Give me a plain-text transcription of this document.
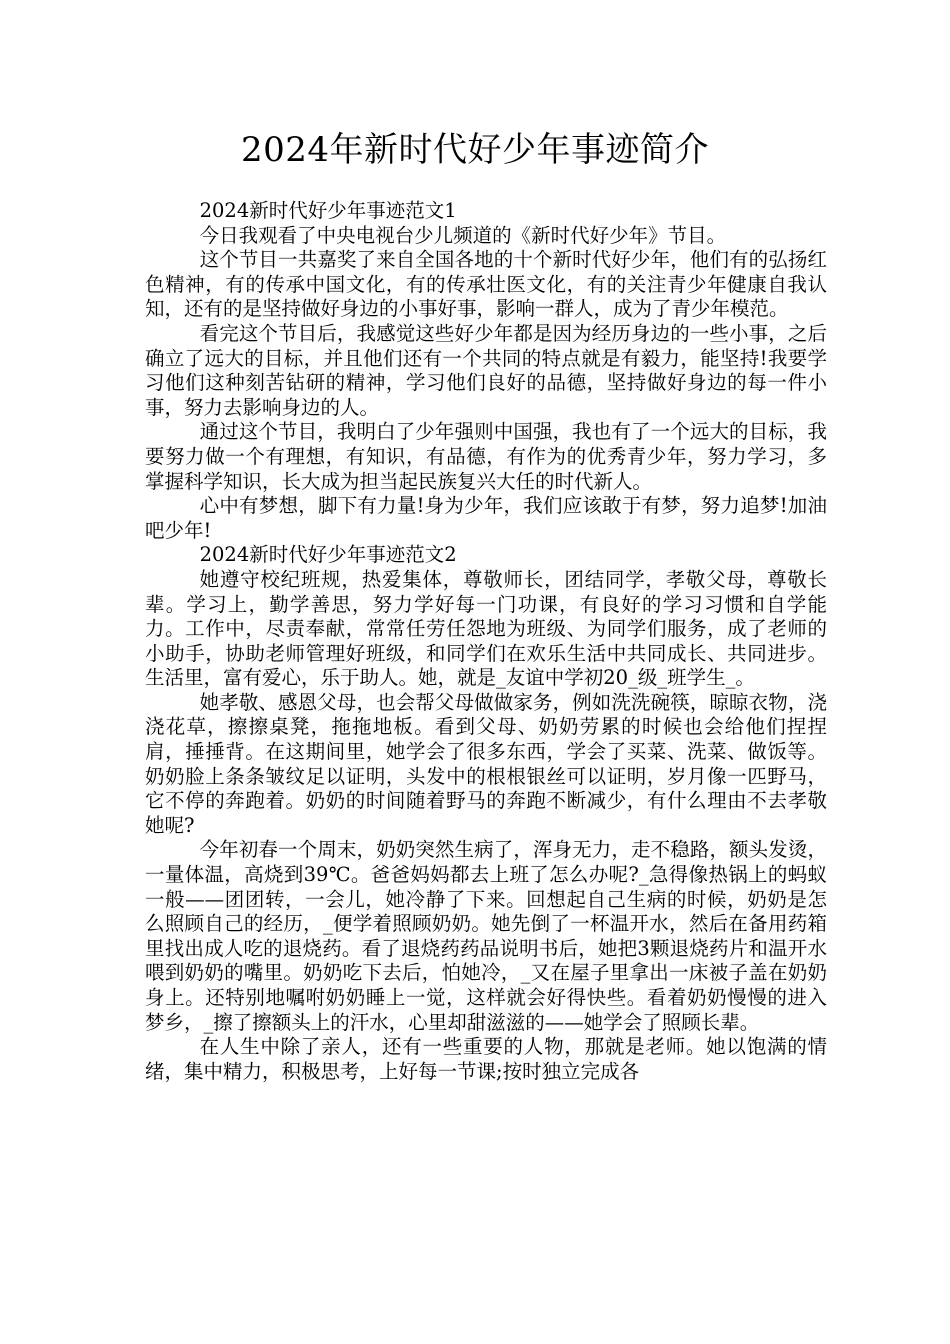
2024年新时代好少年事迹简介

2024新时代好少年事迹范文1

今日我观看了中央电视台少儿频道的《新时代好少年》节目。

这个节目一共嘉奖了来自全国各地的十个新时代好少年，他们有的弘扬红色精神，有的传承中国文化，有的传承壮医文化，有的关注青少年健康自我认知，还有的是坚持做好身边的小事好事，影响一群人，成为了青少年模范。

看完这个节目后，我感觉这些好少年都是因为经历身边的一些小事，之后确立了远大的目标，并且他们还有一个共同的特点就是有毅力，能坚持!我要学习他们这种刻苦钻研的精神，学习他们良好的品德，坚持做好身边的每一件小事，努力去影响身边的人。

通过这个节目，我明白了少年强则中国强，我也有了一个远大的目标，我要努力做一个有理想，有知识，有品德，有作为的优秀青少年，努力学习，多掌握科学知识，长大成为担当起民族复兴大任的时代新人。

心中有梦想，脚下有力量!身为少年，我们应该敢于有梦，努力追梦!加油吧少年!

2024新时代好少年事迹范文2

她遵守校纪班规，热爱集体，尊敬师长，团结同学，孝敬父母，尊敬长辈。学习上，勤学善思，努力学好每一门功课，有良好的学习习惯和自学能力。工作中，尽责奉献，常常任劳任怨地为班级、为同学们服务，成了老师的小助手，协助老师管理好班级，和同学们在欢乐生活中共同成长、共同进步。生活里，富有爱心，乐于助人。她，就是_友谊中学初20_级_班学生_。

她孝敬、感恩父母，也会帮父母做做家务，例如洗洗碗筷，晾晾衣物，浇浇花草，擦擦桌凳，拖拖地板。看到父母、奶奶劳累的时候也会给他们捏捏肩，捶捶背。在这期间里，她学会了很多东西，学会了买菜、洗菜、做饭等。奶奶脸上条条皱纹足以证明，头发中的根根银丝可以证明，岁月像一匹野马，它不停的奔跑着。奶奶的时间随着野马的奔跑不断减少，有什么理由不去孝敬她呢?

今年初春一个周末，奶奶突然生病了，浑身无力，走不稳路，额头发烫，一量体温，高烧到39℃。爸爸妈妈都去上班了怎么办呢?_急得像热锅上的蚂蚁一般——团团转，一会儿，她冷静了下来。回想起自己生病的时候，奶奶是怎么照顾自己的经历，_便学着照顾奶奶。她先倒了一杯温开水，然后在备用药箱里找出成人吃的退烧药。看了退烧药药品说明书后，她把3颗退烧药片和温开水喂到奶奶的嘴里。奶奶吃下去后，怕她冷，_又在屋子里拿出一床被子盖在奶奶身上。还特别地嘱咐奶奶睡上一觉，这样就会好得快些。看着奶奶慢慢的进入梦乡，_擦了擦额头上的汗水，心里却甜滋滋的——她学会了照顾长辈。

在人生中除了亲人，还有一些重要的人物，那就是老师。她以饱满的情绪，集中精力，积极思考，上好每一节课;按时独立完成各
